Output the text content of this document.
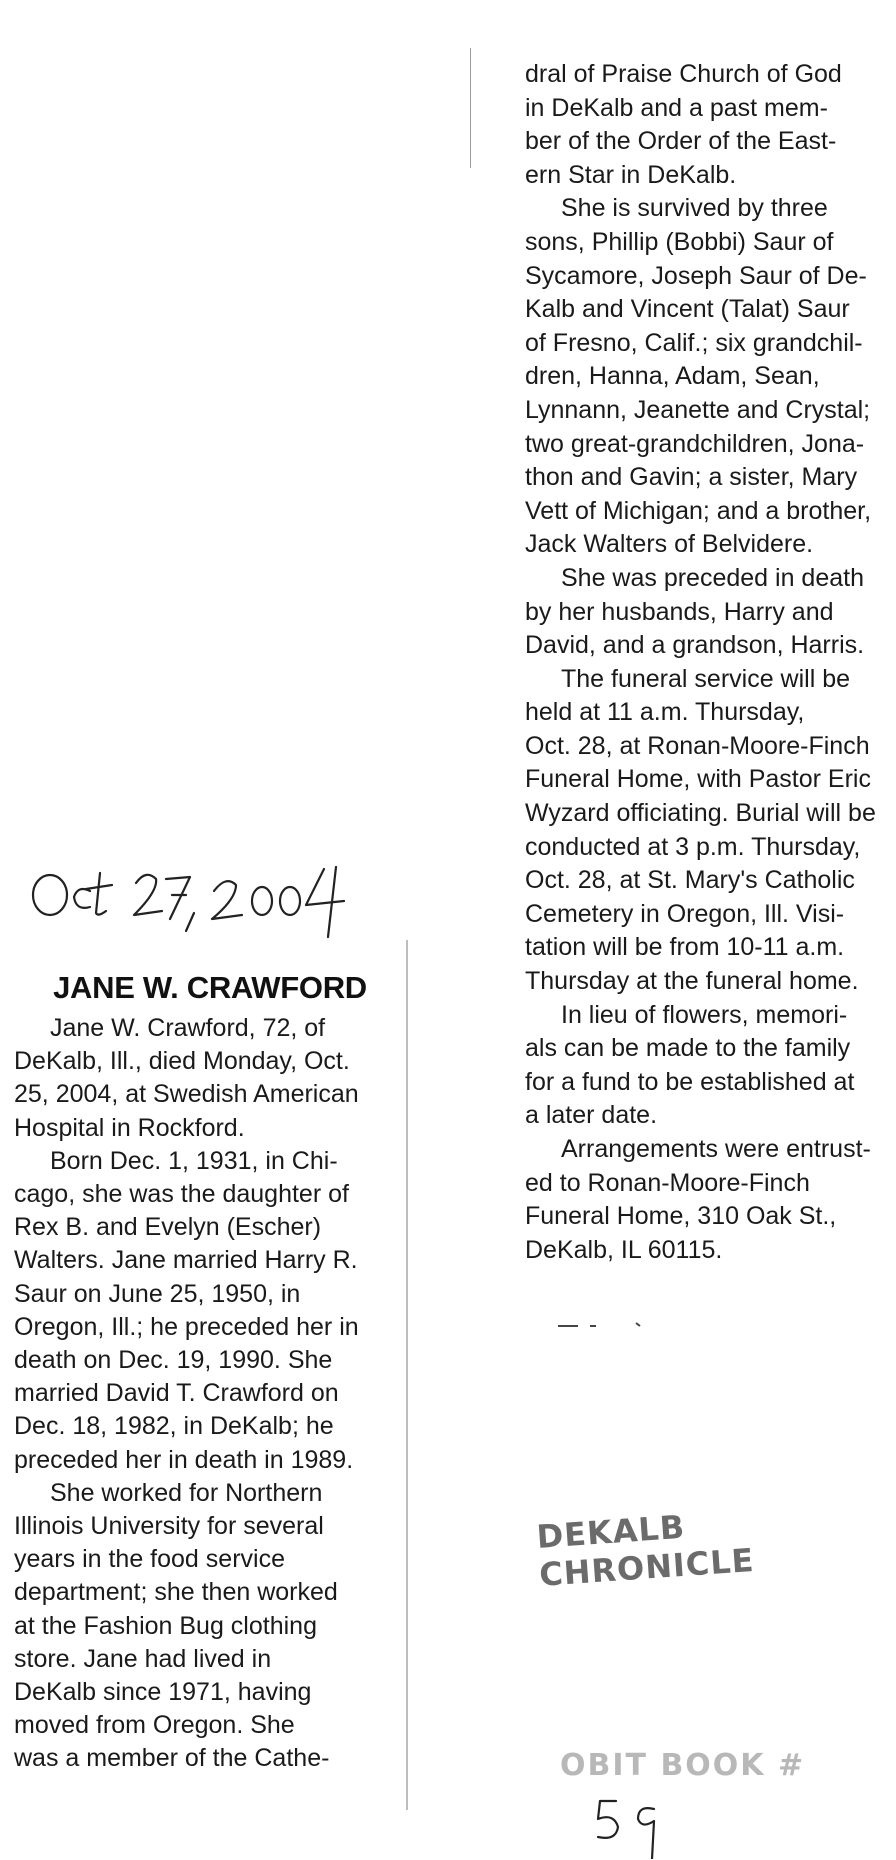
JANE W. CRAWFORD

Jane W. Crawford, 72, of

DeKalb, Ill., died Monday, Oct.

25, 2004, at Swedish American

Hospital in Rockford.

Born Dec. 1, 1931, in Chi-

cago, she was the daughter of

Rex B. and Evelyn (Escher)

Walters. Jane married Harry R.

Saur on June 25, 1950, in

Oregon, Ill.; he preceded her in

death on Dec. 19, 1990. She

married David T. Crawford on

Dec. 18, 1982, in DeKalb; he

preceded her in death in 1989.

She worked for Northern

Illinois University for several

years in the food service

department; she then worked

at the Fashion Bug clothing

store. Jane had lived in

DeKalb since 1971, having

moved from Oregon. She

was a member of the Cathe-

dral of Praise Church of God

in DeKalb and a past mem-

ber of the Order of the East-

ern Star in DeKalb.

She is survived by three

sons, Phillip (Bobbi) Saur of

Sycamore, Joseph Saur of De-

Kalb and Vincent (Talat) Saur

of Fresno, Calif.; six grandchil-

dren, Hanna, Adam, Sean,

Lynnann, Jeanette and Crystal;

two great-grandchildren, Jona-

thon and Gavin; a sister, Mary

Vett of Michigan; and a brother,

Jack Walters of Belvidere.

She was preceded in death

by her husbands, Harry and

David, and a grandson, Harris.

The funeral service will be

held at 11 a.m. Thursday,

Oct. 28, at Ronan-Moore-Finch

Funeral Home, with Pastor Eric

Wyzard officiating. Burial will be

conducted at 3 p.m. Thursday,

Oct. 28, at St. Mary's Catholic

Cemetery in Oregon, Ill. Visi-

tation will be from 10-11 a.m.

Thursday at the funeral home.

In lieu of flowers, memori-

als can be made to the family

for a fund to be established at

a later date.

Arrangements were entrust-

ed to Ronan-Moore-Finch

Funeral Home, 310 Oak St.,

DeKalb, IL 60115.

DEKALB CHRONICLE
OBIT BOOK #
